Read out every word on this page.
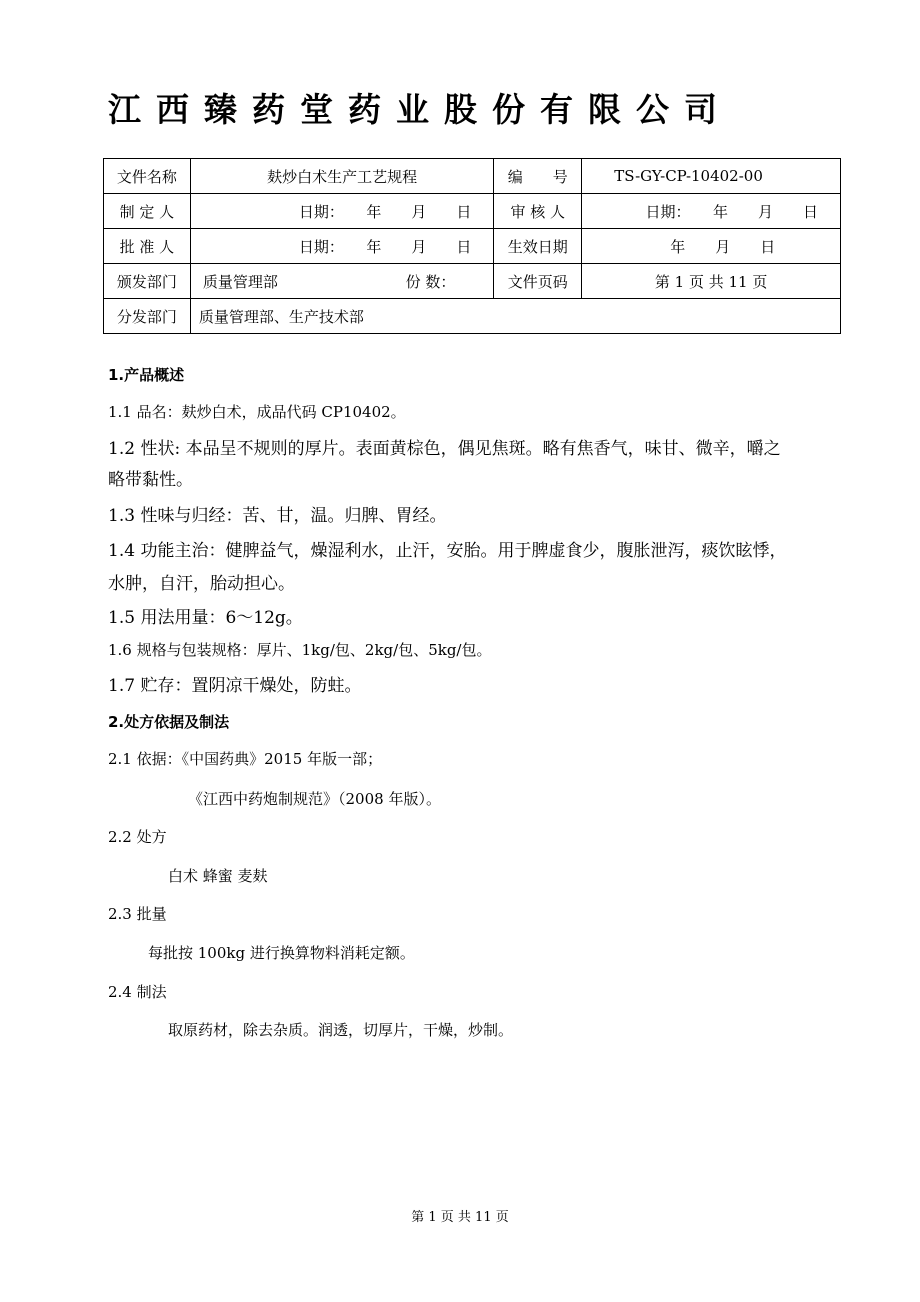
江西臻药堂药业股份有限公司
文件名称	麸炒白术生产工艺规程	编　　号	TS-GY-CP-10402-00
制 定 人	日期：　　年　　月　　日	审 核 人	日期：　　年　　月　　日
批 准 人	日期：　　年　　月　　日	生效日期	年　　月　　日
颁发部门	质量管理部 份 数：	文件页码	第 1 页 共 11 页
分发部门	质量管理部、生产技术部		
1.产品概述
1.1 品名：麸炒白术，成品代码 CP10402。
1.2 性状: 本品呈不规则的厚片。表面黄棕色，偶见焦斑。略有焦香气，味甘、微辛，嚼之
略带黏性。
1.3 性味与归经：苦、甘，温。归脾、胃经。
1.4 功能主治：健脾益气，燥湿利水，止汗，安胎。用于脾虚食少，腹胀泄泻，痰饮眩悸，
水肿，自汗，胎动担心。
1.5 用法用量：6～12g。
1.6 规格与包装规格：厚片、1kg/包、2kg/包、5kg/包。
1.7 贮存：置阴凉干燥处，防蛀。
2.处方依据及制法
2.1 依据：《中国药典》2015 年版一部；
《江西中药炮制规范》（2008 年版）。
2.2 处方
白术 蜂蜜 麦麸
2.3 批量
每批按 100kg 进行换算物料消耗定额。
2.4 制法
取原药材，除去杂质。润透，切厚片，干燥，炒制。
第 1 页 共 11 页
